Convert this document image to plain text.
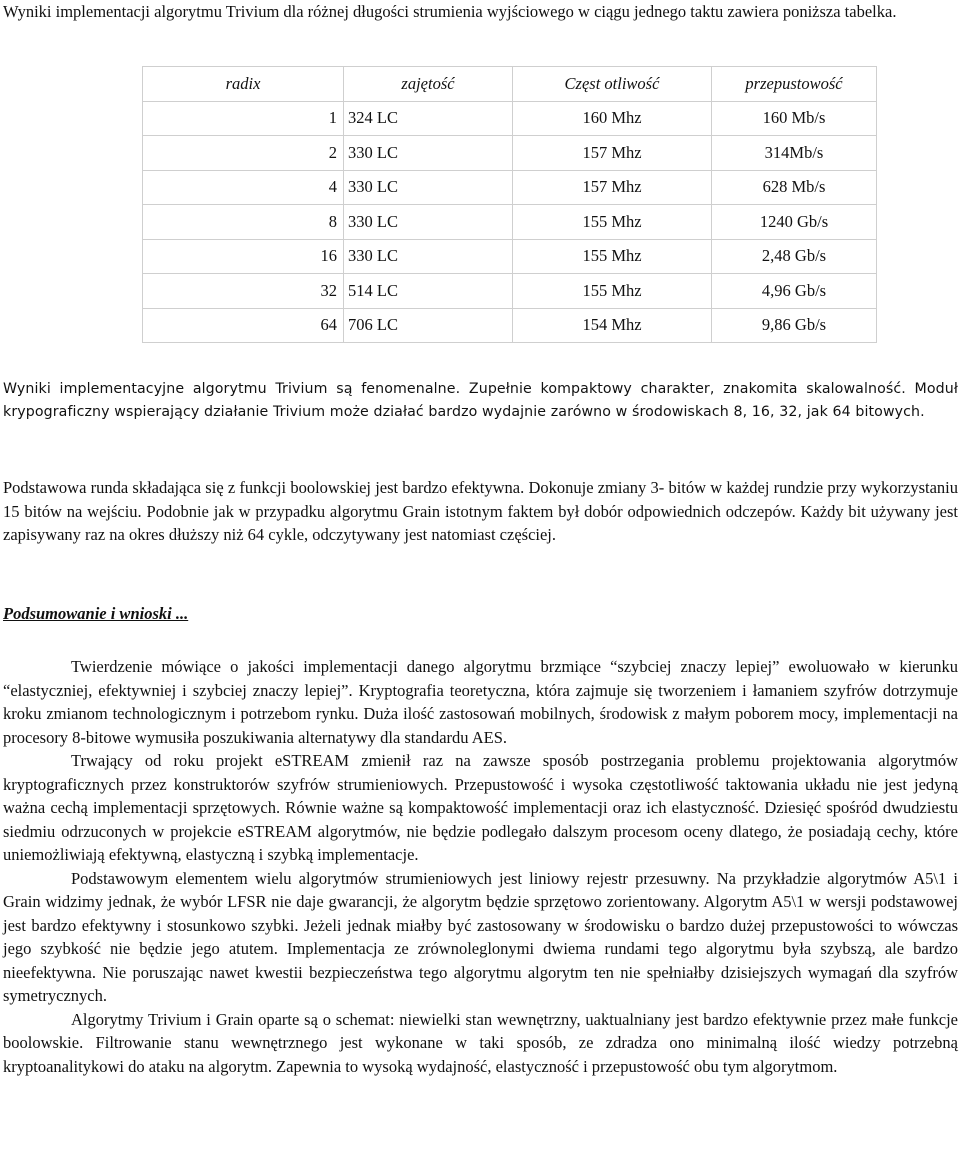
Wyniki implementacji algorytmu Trivium dla różnej długości strumienia wyjściowego w ciągu jednego taktu zawiera poniższa tabelka.

radix	zajętość	Częst otliwość	przepustowość
1	324 LC	160 Mhz	160 Mb/s
2	330 LC	157 Mhz	314Mb/s
4	330 LC	157 Mhz	628 Mb/s
8	330 LC	155 Mhz	1240 Gb/s
16	330 LC	155 Mhz	2,48 Gb/s
32	514 LC	155 Mhz	4,96 Gb/s
64	706 LC	154 Mhz	9,86 Gb/s

Wyniki implementacyjne algorytmu Trivium są fenomenalne. Zupełnie kompaktowy charakter, znakomita skalowalność. Moduł krypograficzny wspierający działanie Trivium może działać bardzo wydajnie zarówno w środowiskach 8, 16, 32, jak 64 bitowych.

Podstawowa runda składająca się z funkcji boolowskiej jest bardzo efektywna. Dokonuje zmiany 3- bitów w każdej rundzie przy wykorzystaniu 15 bitów na wejściu. Podobnie jak w przypadku algorytmu Grain istotnym faktem był dobór odpowiednich odczepów. Każdy bit używany jest zapisywany raz na okres dłuższy niż 64 cykle, odczytywany jest natomiast częściej.

Podsumowanie i wnioski ...

Twierdzenie mówiące o jakości implementacji danego algorytmu brzmiące “szybciej znaczy lepiej” ewoluowało w kierunku “elastyczniej, efektywniej i szybciej znaczy lepiej”. Kryptografia teoretyczna, która zajmuje się tworzeniem i łamaniem szyfrów dotrzymuje kroku zmianom technologicznym i potrzebom rynku. Duża ilość zastosowań mobilnych, środowisk z małym poborem mocy, implementacji na procesory 8-bitowe wymusiła poszukiwania alternatywy dla standardu AES.

Trwający od roku projekt eSTREAM zmienił raz na zawsze sposób postrzegania problemu projektowania algorytmów kryptograficznych przez konstruktorów szyfrów strumieniowych. Przepustowość i wysoka częstotliwość taktowania układu nie jest jedyną ważna cechą implementacji sprzętowych. Równie ważne są kompaktowość implementacji oraz ich elastyczność. Dziesięć spośród dwudziestu siedmiu odrzuconych w projekcie eSTREAM algorytmów, nie będzie podlegało dalszym procesom oceny dlatego, że posiadają cechy, które uniemożliwiają efektywną, elastyczną i szybką implementacje.

Podstawowym elementem wielu algorytmów strumieniowych jest liniowy rejestr przesuwny. Na przykładzie algorytmów A5\1 i Grain widzimy jednak, że wybór LFSR nie daje gwarancji, że algorytm będzie sprzętowo zorientowany. Algorytm A5\1 w wersji podstawowej jest bardzo efektywny i stosunkowo szybki. Jeżeli jednak miałby być zastosowany w środowisku o bardzo dużej przepustowości to wówczas jego szybkość nie będzie jego atutem. Implementacja ze zrównoleglonymi dwiema rundami tego algorytmu była szybszą, ale bardzo nieefektywna. Nie poruszając nawet kwestii bezpieczeństwa tego algorytmu algorytm ten nie spełniałby dzisiejszych wymagań dla szyfrów symetrycznych.

Algorytmy Trivium i Grain oparte są o schemat: niewielki stan wewnętrzny, uaktualniany jest bardzo efektywnie przez małe funkcje boolowskie. Filtrowanie stanu wewnętrznego jest wykonane w taki sposób, ze zdradza ono minimalną ilość wiedzy potrzebną kryptoanalitykowi do ataku na algorytm. Zapewnia to wysoką wydajność, elastyczność i przepustowość obu tym algorytmom.
